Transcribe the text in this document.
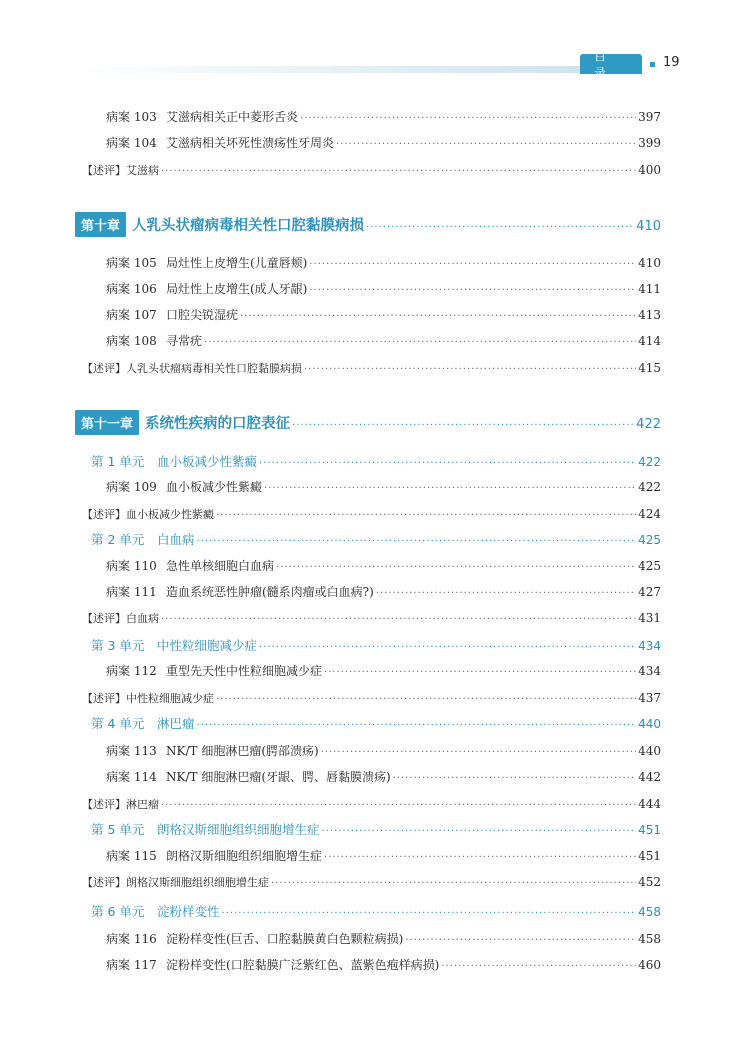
目录
19
病案 103 艾滋病相关正中菱形舌炎 ·····	397
病案 104 艾滋病相关坏死性溃疡性牙周炎 ·····	399
【述评】艾滋病 ·····	400
第十章 人乳头状瘤病毒相关性口腔黏膜病损 ·····	410
病案 105 局灶性上皮增生(儿童唇颊) ·····	410
病案 106 局灶性上皮增生(成人牙龈) ·····	411
病案 107 口腔尖锐湿疣 ·····	413
病案 108 寻常疣 ·····	414
【述评】人乳头状瘤病毒相关性口腔黏膜病损 ·····	415
第十一章 系统性疾病的口腔表征 ·····	422
第 1 单元	血小板减少性紫癜 ·····	422
病案 109 血小板减少性紫癜 ·····	422
【述评】血小板减少性紫癜 ·····	424
第 2 单元	白血病 ·····	425
病案 110 急性单核细胞白血病 ·····	425
病案 111 造血系统恶性肿瘤(髓系肉瘤或白血病?) ·····	427
【述评】白血病 ·····	431
第 3 单元	中性粒细胞减少症 ·····	434
病案 112 重型先天性中性粒细胞减少症 ·····	434
【述评】中性粒细胞减少症 ·····	437
第 4 单元	淋巴瘤 ·····	440
病案 113 NK/T 细胞淋巴瘤(腭部溃疡) ·····	440
病案 114 NK/T 细胞淋巴瘤(牙龈、腭、唇黏膜溃疡) ·····	442
【述评】淋巴瘤 ·····	444
第 5 单元	朗格汉斯细胞组织细胞增生症 ·····	451
病案 115 朗格汉斯细胞组织细胞增生症 ·····	451
【述评】朗格汉斯细胞组织细胞增生症 ·····	452
第 6 单元	淀粉样变性 ·····	458
病案 116 淀粉样变性(巨舌、口腔黏膜黄白色颗粒病损) ·····	458
病案 117 淀粉样变性(口腔黏膜广泛紫红色、蓝紫色疱样病损) ·····	460
